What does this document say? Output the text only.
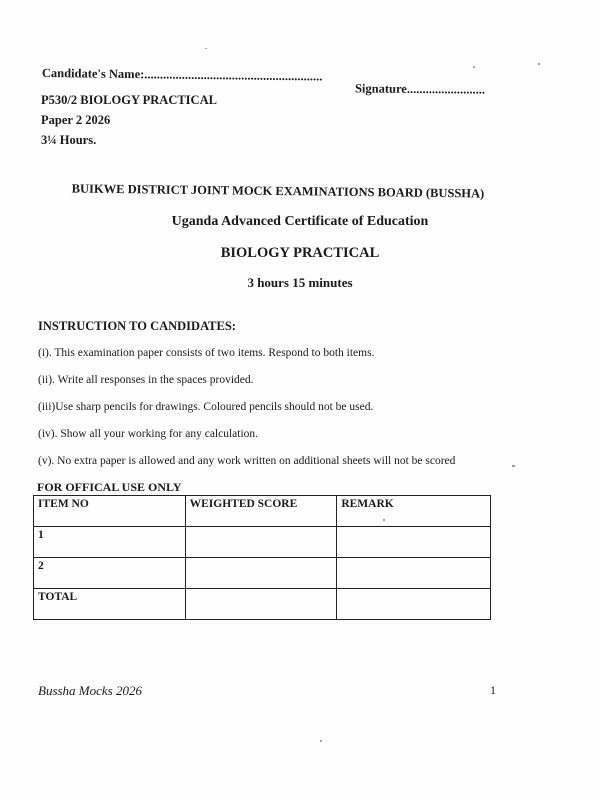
Candidate's Name:.........................................................
Signature.........................
P530/2 BIOLOGY PRACTICAL
Paper 2 2026
3¼ Hours.
BUIKWE DISTRICT JOINT MOCK EXAMINATIONS BOARD (BUSSHA)
Uganda Advanced Certificate of Education
BIOLOGY PRACTICAL
3 hours 15 minutes
INSTRUCTION TO CANDIDATES:
(i). This examination paper consists of two items. Respond to both items.
(ii). Write all responses in the spaces provided.
(iii)Use sharp pencils for drawings. Coloured pencils should not be used.
(iv). Show all your working for any calculation.
(v). No extra paper is allowed and any work written on additional sheets will not be scored
FOR OFFICAL USE ONLY
ITEM NO	WEIGHTED SCORE	REMARK
1		
2		
TOTAL		
Bussha Mocks 2026	1
